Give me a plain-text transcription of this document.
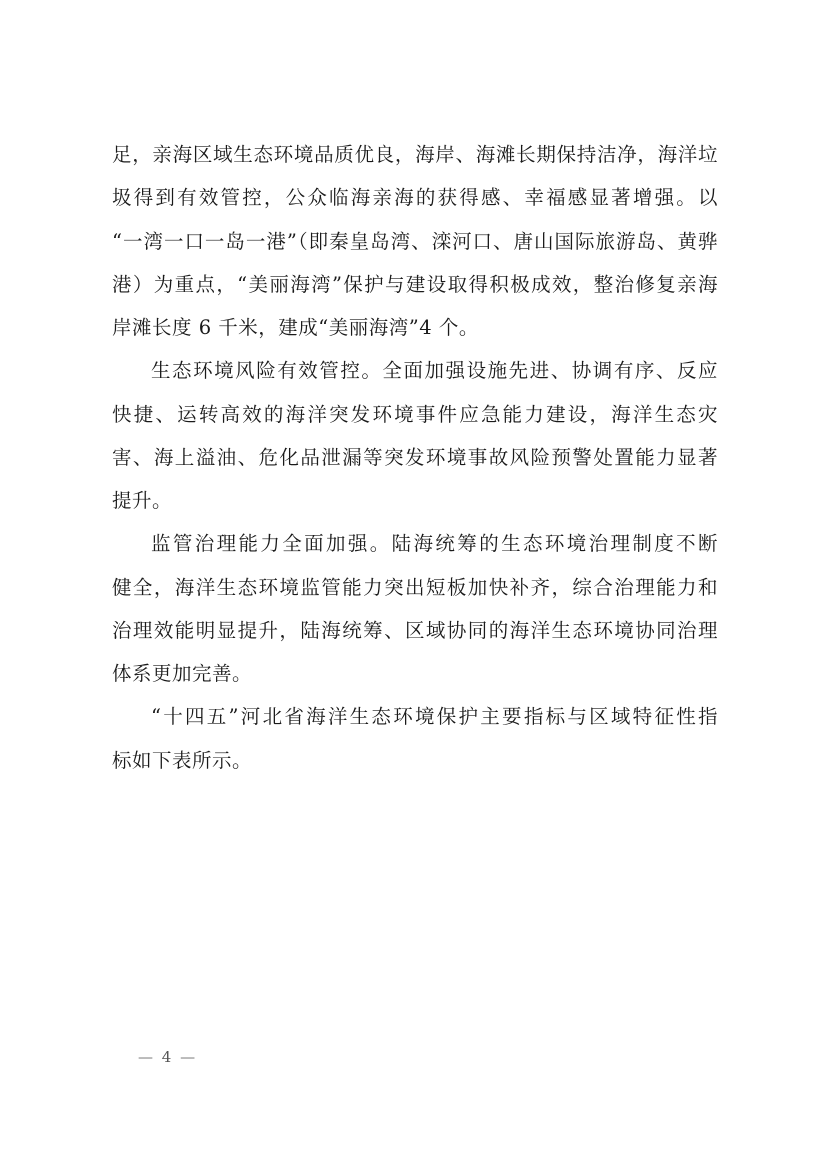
足，亲海区域生态环境品质优良，海岸、海滩长期保持洁净，海洋垃
圾得到有效管控，公众临海亲海的获得感、幸福感显著增强。以
“一湾一口一岛一港”（即秦皇岛湾、滦河口、唐山国际旅游岛、黄骅
港）为重点，“美丽海湾”保护与建设取得积极成效，整治修复亲海
岸滩长度 6 千米，建成“美丽海湾”4 个。
生态环境风险有效管控。全面加强设施先进、协调有序、反应
快捷、运转高效的海洋突发环境事件应急能力建设，海洋生态灾
害、海上溢油、危化品泄漏等突发环境事故风险预警处置能力显著
提升。
监管治理能力全面加强。陆海统筹的生态环境治理制度不断
健全，海洋生态环境监管能力突出短板加快补齐，综合治理能力和
治理效能明显提升，陆海统筹、区域协同的海洋生态环境协同治理
体系更加完善。
“十四五”河北省海洋生态环境保护主要指标与区域特征性指
标如下表所示。
— 4 —
